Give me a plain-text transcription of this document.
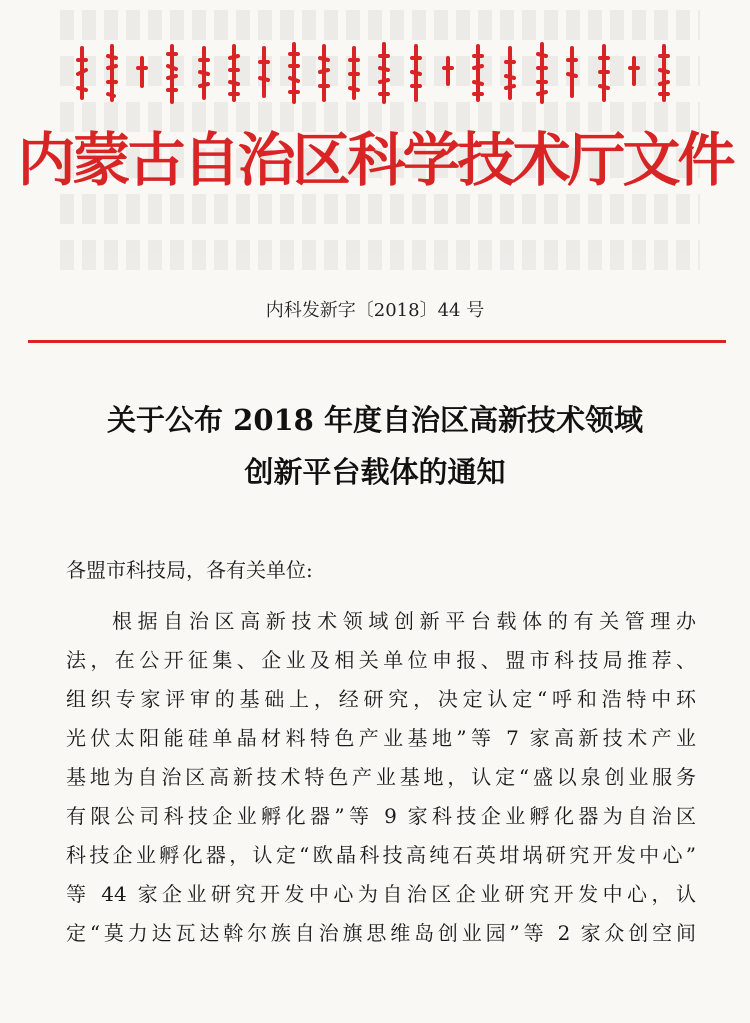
内蒙古自治区科学技术厅文件
内科发新字〔2018〕44 号
关于公布 2018 年度自治区高新技术领域
创新平台载体的通知
各盟市科技局，各有关单位:
根据自治区高新技术领域创新平台载体的有关管理办
法，在公开征集、企业及相关单位申报、盟市科技局推荐、
组织专家评审的基础上，经研究，决定认定“呼和浩特中环
光伏太阳能硅单晶材料特色产业基地”等 7 家高新技术产业
基地为自治区高新技术特色产业基地，认定“盛以泉创业服务
有限公司科技企业孵化器”等 9 家科技企业孵化器为自治区
科技企业孵化器，认定“欧晶科技高纯石英坩埚研究开发中心”
等 44 家企业研究开发中心为自治区企业研究开发中心，认
定“莫力达瓦达斡尔族自治旗思维岛创业园”等 2 家众创空间
